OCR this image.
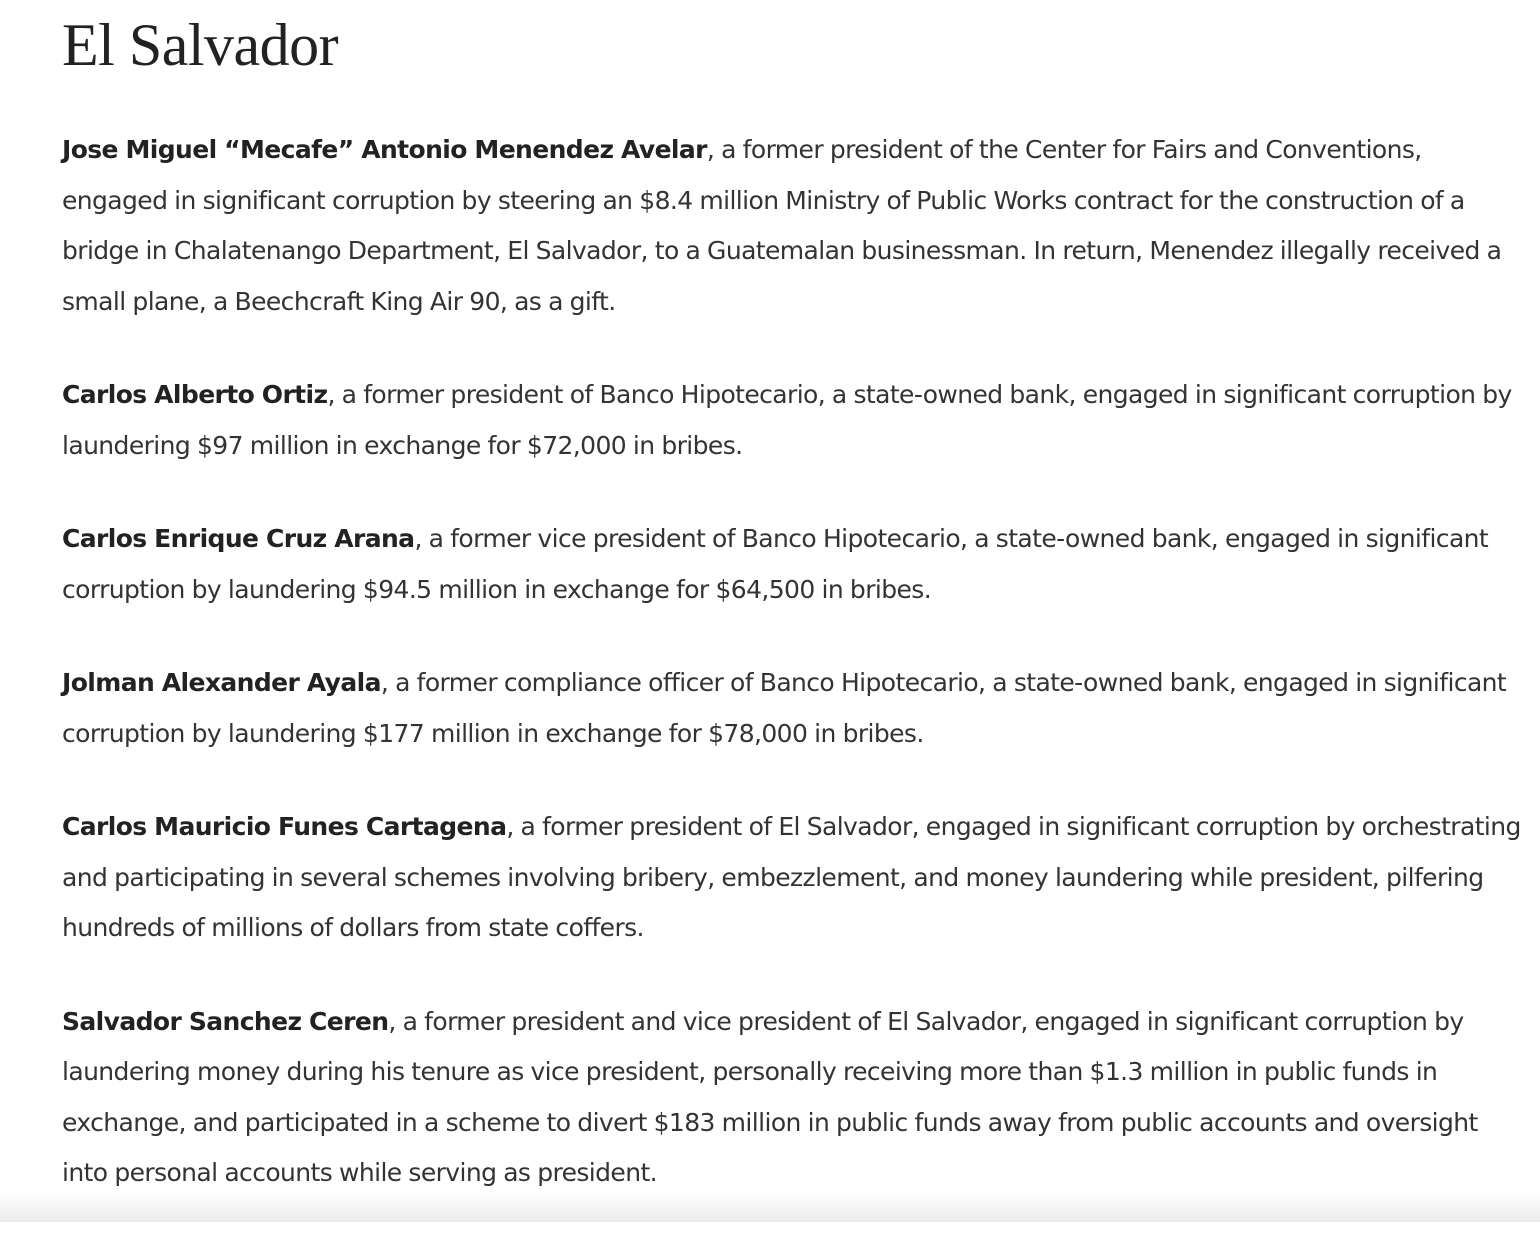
El Salvador

Jose Miguel “Mecafe” Antonio Menendez Avelar, a former president of the Center for Fairs and Conventions, engaged in significant corruption by steering an $8.4 million Ministry of Public Works contract for the construction of a bridge in Chalatenango Department, El Salvador, to a Guatemalan businessman. In return, Menendez illegally received a small plane, a Beechcraft King Air 90, as a gift.

Carlos Alberto Ortiz, a former president of Banco Hipotecario, a state-owned bank, engaged in significant corruption by laundering $97 million in exchange for $72,000 in bribes.

Carlos Enrique Cruz Arana, a former vice president of Banco Hipotecario, a state-owned bank, engaged in significant corruption by laundering $94.5 million in exchange for $64,500 in bribes.

Jolman Alexander Ayala, a former compliance officer of Banco Hipotecario, a state-owned bank, engaged in significant corruption by laundering $177 million in exchange for $78,000 in bribes.

Carlos Mauricio Funes Cartagena, a former president of El Salvador, engaged in significant corruption by orchestrating and participating in several schemes involving bribery, embezzlement, and money laundering while president, pilfering hundreds of millions of dollars from state coffers.

Salvador Sanchez Ceren, a former president and vice president of El Salvador, engaged in significant corruption by laundering money during his tenure as vice president, personally receiving more than $1.3 million in public funds in exchange, and participated in a scheme to divert $183 million in public funds away from public accounts and oversight into personal accounts while serving as president.
